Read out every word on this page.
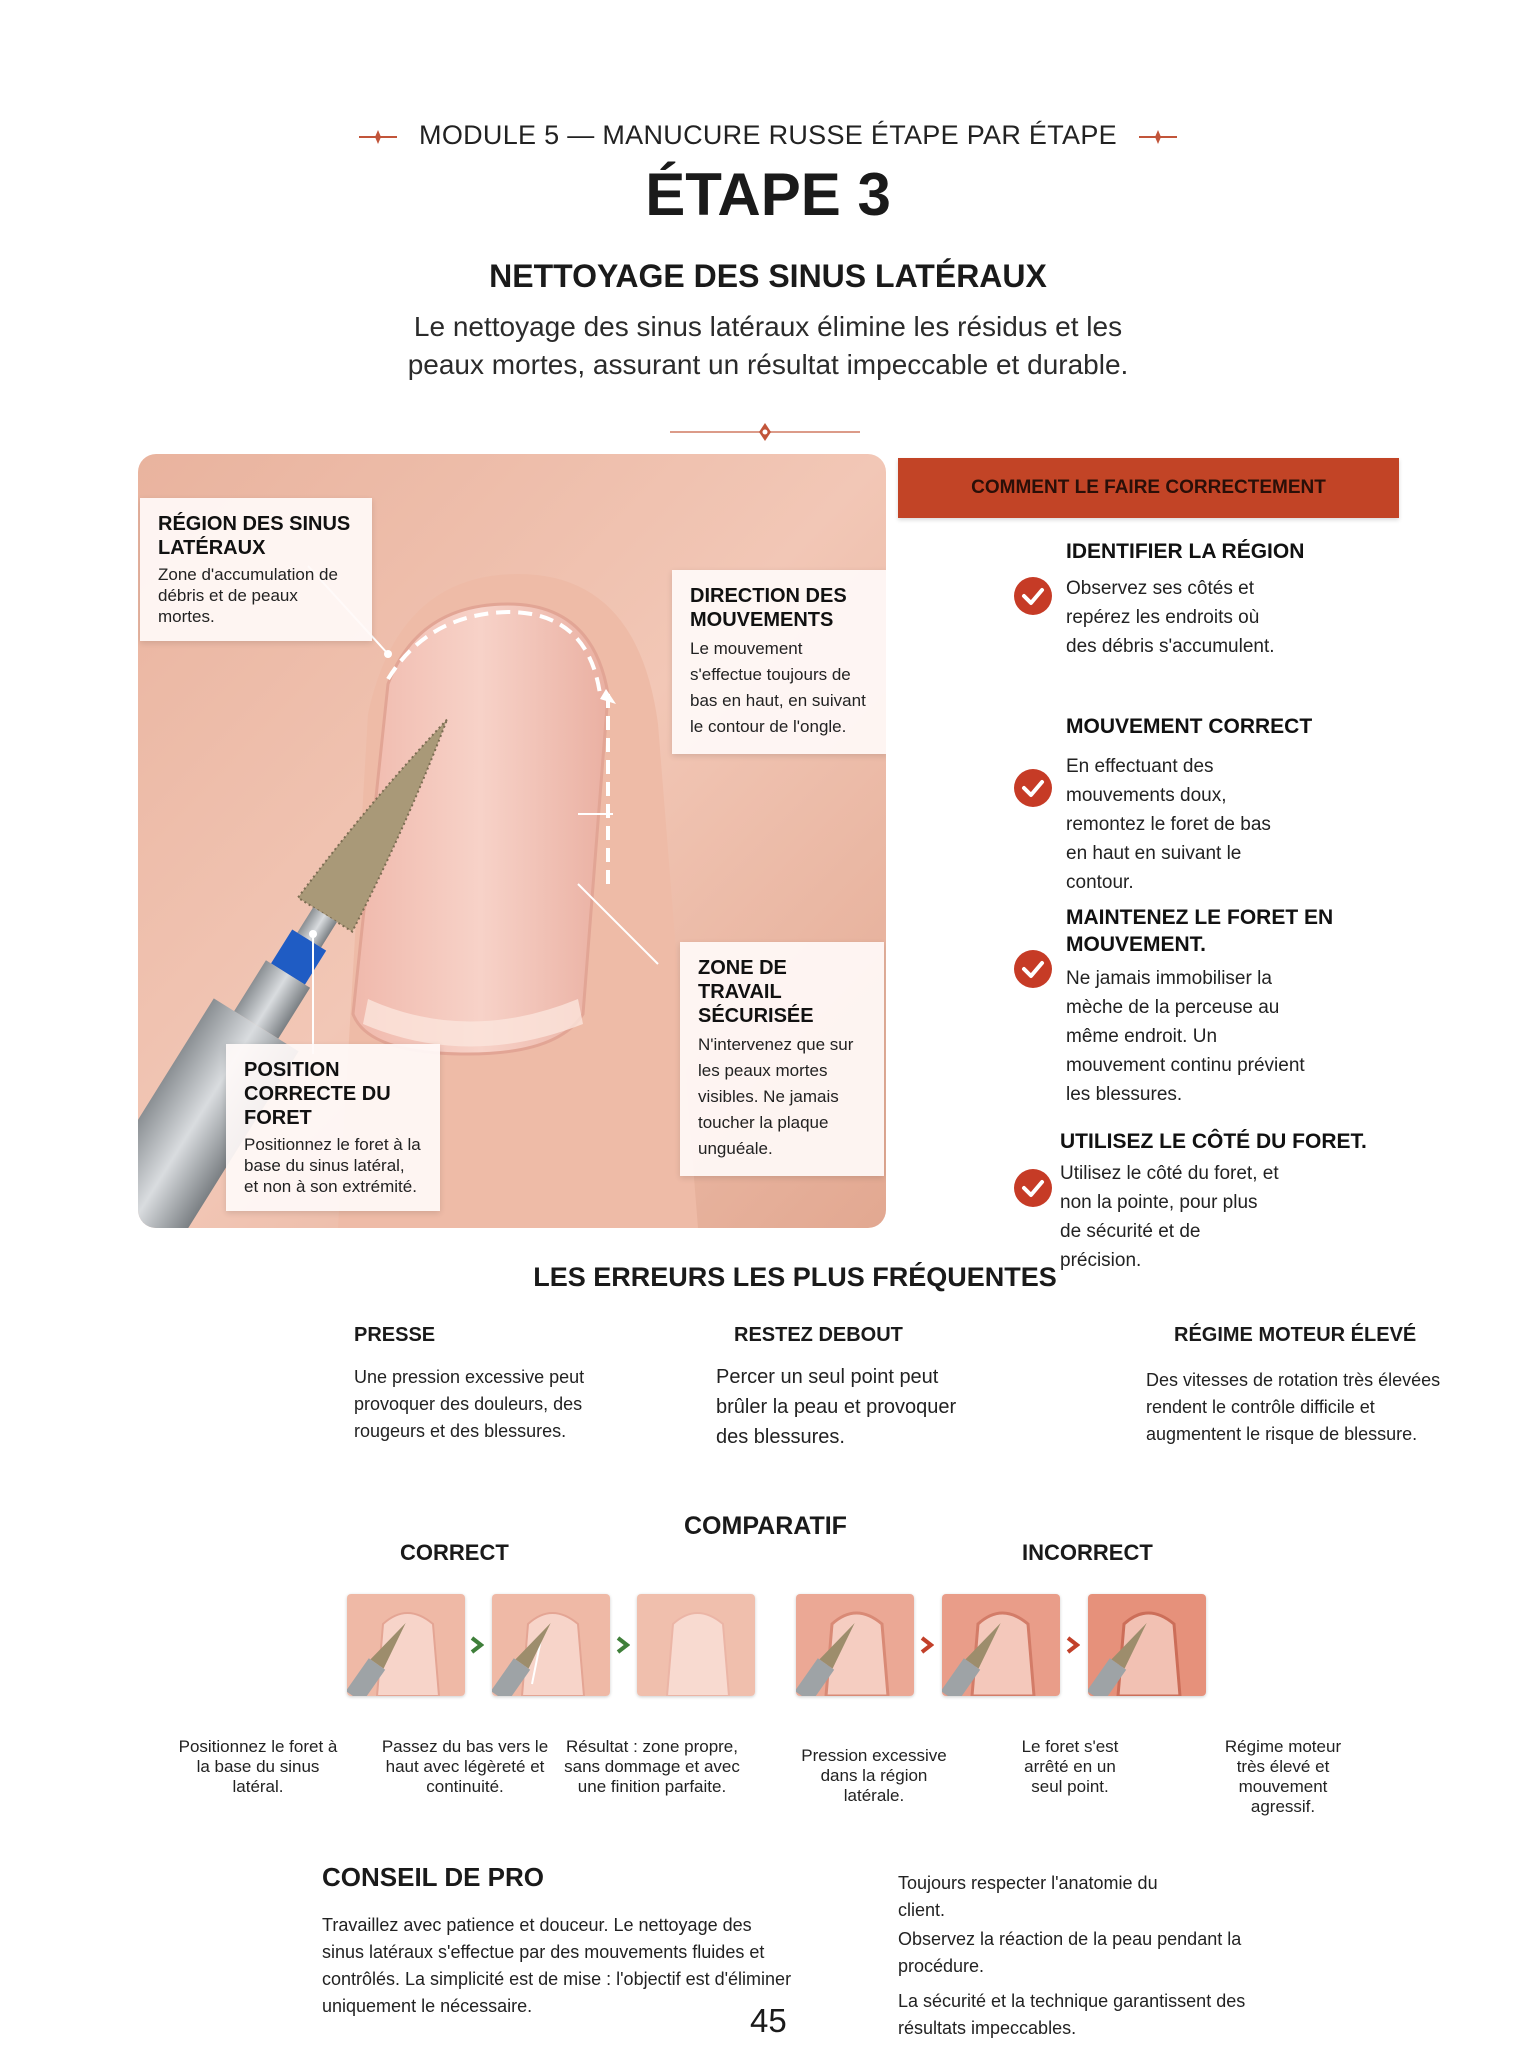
MODULE 5 — MANUCURE RUSSE ÉTAPE PAR ÉTAPE
ÉTAPE 3
NETTOYAGE DES SINUS LATÉRAUX
Le nettoyage des sinus latéraux élimine les résidus et les peaux mortes, assurant un résultat impeccable et durable.
RÉGION DES SINUS LATÉRAUX
Zone d'accumulation de débris et de peaux mortes.
DIRECTION DES MOUVEMENTS
Le mouvement s'effectue toujours de bas en haut, en suivant le contour de l'ongle.
ZONE DE TRAVAIL SÉCURISÉE
N'intervenez que sur les peaux mortes visibles. Ne jamais toucher la plaque unguéale.
POSITION CORRECTE DU FORET
Positionnez le foret à la base du sinus latéral, et non à son extrémité.
COMMENT LE FAIRE CORRECTEMENT
IDENTIFIER LA RÉGION
Observez ses côtés et repérez les endroits où des débris s'accumulent.
MOUVEMENT CORRECT
En effectuant des mouvements doux, remontez le foret de bas en haut en suivant le contour.
MAINTENEZ LE FORET EN MOUVEMENT.
Ne jamais immobiliser la mèche de la perceuse au même endroit. Un mouvement continu prévient les blessures.
UTILISEZ LE CÔTÉ DU FORET.
Utilisez le côté du foret, et non la pointe, pour plus de sécurité et de précision.
LES ERREURS LES PLUS FRÉQUENTES
PRESSE
Une pression excessive peut provoquer des douleurs, des rougeurs et des blessures.
RESTEZ DEBOUT
Percer un seul point peut brûler la peau et provoquer des blessures.
RÉGIME MOTEUR ÉLEVÉ
Des vitesses de rotation très élevées rendent le contrôle difficile et augmentent le risque de blessure.
COMPARATIF
CORRECT	INCORRECT
Positionnez le foret à la base du sinus latéral.
Passez du bas vers le haut avec légèreté et continuité.
Résultat : zone propre, sans dommage et avec une finition parfaite.
Pression excessive dans la région latérale.
Le foret s'est arrêté en un seul point.
Régime moteur très élevé et mouvement agressif.
CONSEIL DE PRO
Travaillez avec patience et douceur. Le nettoyage des sinus latéraux s'effectue par des mouvements fluides et contrôlés. La simplicité est de mise : l'objectif est d'éliminer uniquement le nécessaire.
Toujours respecter l'anatomie du client.
Observez la réaction de la peau pendant la procédure.
La sécurité et la technique garantissent des résultats impeccables.
45
